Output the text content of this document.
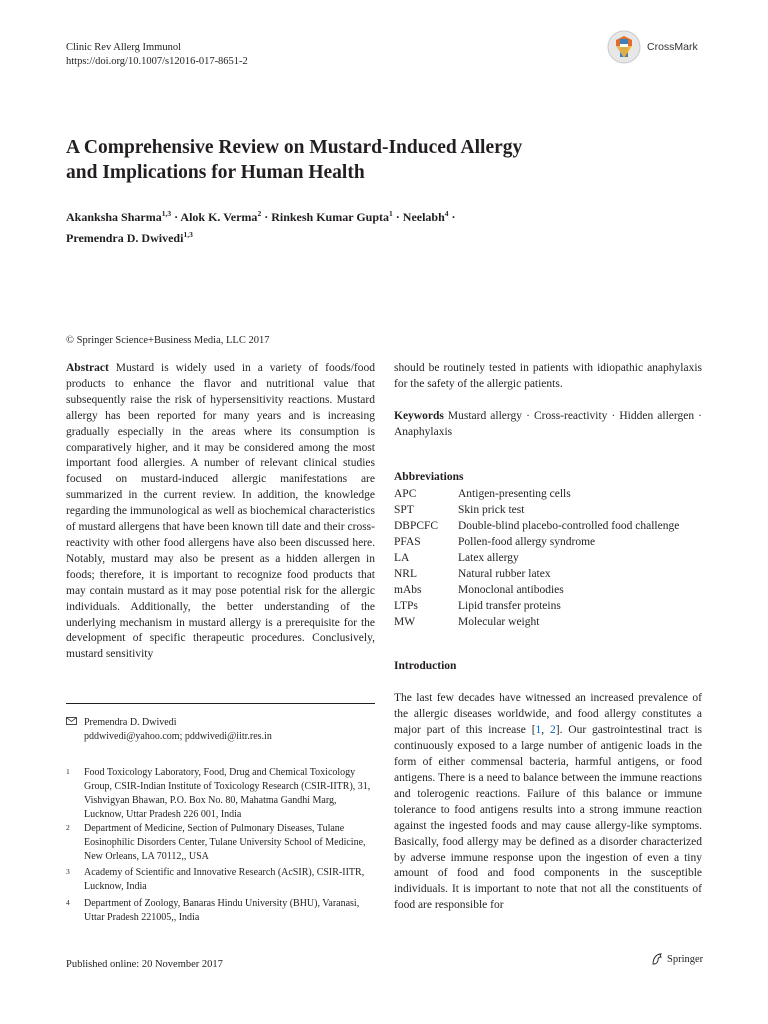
Clinic Rev Allerg Immunol
https://doi.org/10.1007/s12016-017-8651-2
CrossMark
A Comprehensive Review on Mustard-Induced Allergy
and Implications for Human Health
Akanksha Sharma$^{1,3}$ · Alok K. Verma$^2$ · Rinkesh Kumar Gupta$^1$ · Neelabh$^4$ ·
Premendra D. Dwivedi$^{1,3}$
© Springer Science+Business Media, LLC 2017
Abstract Mustard is widely used in a variety of foods/food products to enhance the flavor and nutritional value that subsequently raise the risk of hypersensitivity reactions. Mustard allergy has been reported for many years and is increasing gradually especially in the areas where its consumption is comparatively higher, and it may be considered among the most important food allergies. A number of relevant clinical studies focused on mustard-induced allergic manifestations are summarized in the current review. In addition, the knowledge regarding the immunological as well as biochemical characteristics of mustard allergens that have been known till date and their cross-reactivity with other food allergens have also been discussed here. Notably, mustard may also be present as a hidden allergen in foods; therefore, it is important to recognize food products that may contain mustard as it may pose potential risk for the allergic individuals. Additionally, the better understanding of the underlying mechanism in mustard allergy is a prerequisite for the development of specific therapeutic procedures. Conclusively, mustard sensitivity

should be routinely tested in patients with idiopathic anaphylaxis for the safety of the allergic patients.

Keywords Mustard allergy · Cross-reactivity · Hidden allergen · Anaphylaxis

Abbreviations
APC	Antigen-presenting cells
SPT	Skin prick test
DBPCFC	Double-blind placebo-controlled food challenge
PFAS	Pollen-food allergy syndrome
LA	Latex allergy
NRL	Natural rubber latex
mAbs	Monoclonal antibodies
LTPs	Lipid transfer proteins
MW	Molecular weight
Introduction

The last few decades have witnessed an increased prevalence of the allergic diseases worldwide, and food allergy constitutes a major part of this increase [1, 2]. Our gastrointestinal tract is continuously exposed to a large number of antigenic loads in the form of either commensal bacteria, harmful antigens, or food antigens. There is a need to balance between the immune reactions and tolerogenic reactions. Failure of this balance or immune tolerance to food antigens results into a strong immune reaction against the ingested foods and may cause allergy-like symptoms. Basically, food allergy may be defined as a disorder characterized by adverse immune response upon the ingestion of even a tiny amount of food and food components in the susceptible individuals. It is important to note that not all the constituents of food are responsible for

Premendra D. Dwivedi
pddwivedi@yahoo.com; pddwivedi@iitr.res.in
1	Food Toxicology Laboratory, Food, Drug and Chemical Toxicology Group, CSIR-Indian Institute of Toxicology Research (CSIR-IITR), 31, Vishvigyan Bhawan, P.O. Box No. 80, Mahatma Gandhi Marg, Lucknow, Uttar Pradesh 226 001, India
2	Department of Medicine, Section of Pulmonary Diseases, Tulane Eosinophilic Disorders Center, Tulane University School of Medicine, New Orleans, LA 70112,, USA
3	Academy of Scientific and Innovative Research (AcSIR), CSIR-IITR, Lucknow, India
4	Department of Zoology, Banaras Hindu University (BHU), Varanasi, Uttar Pradesh 221005,, India
Published online: 20 November 2017	Springer
